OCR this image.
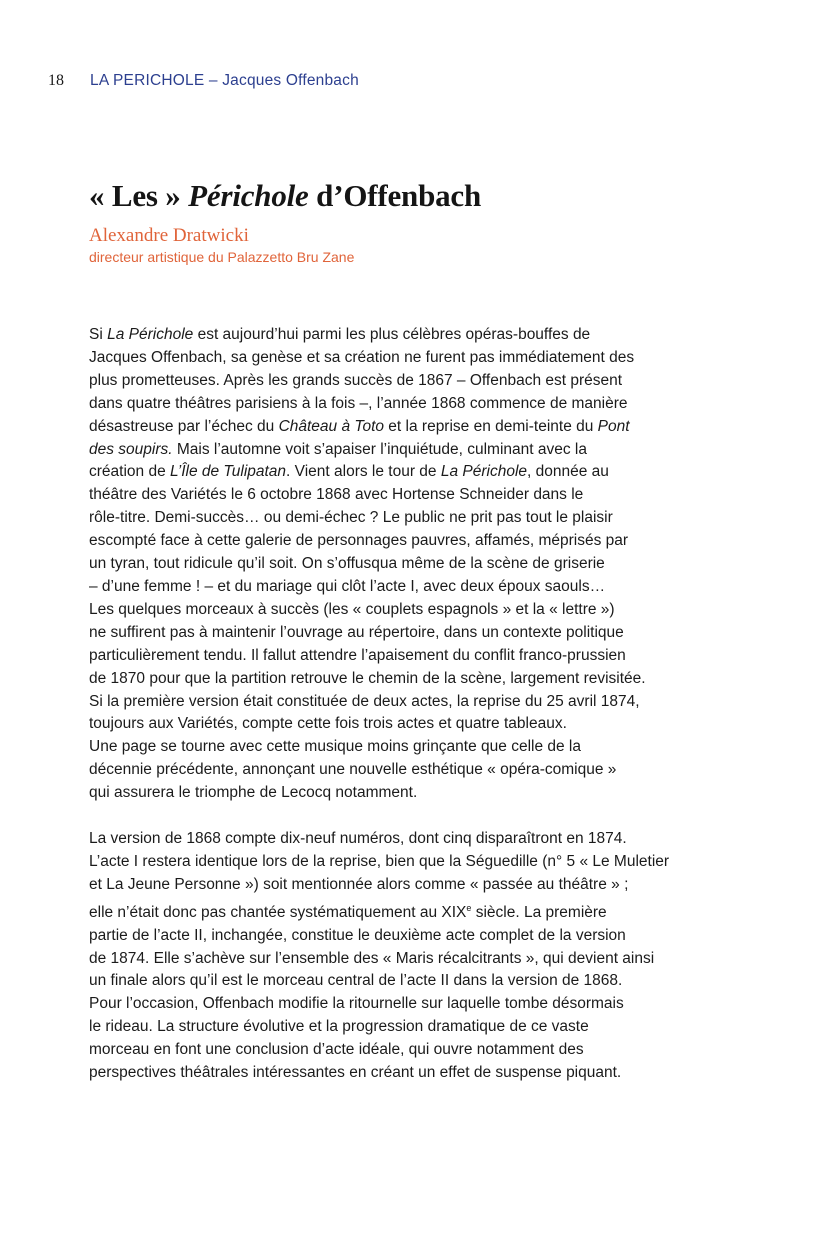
18 LA PERICHOLE – Jacques Offenbach
« Les » Périchole d’Offenbach
Alexandre Dratwicki
directeur artistique du Palazzetto Bru Zane
Si La Périchole est aujourd’hui parmi les plus célèbres opéras-bouffes de
Jacques Offenbach, sa genèse et sa création ne furent pas immédiatement des
plus prometteuses. Après les grands succès de 1867 – Offenbach est présent
dans quatre théâtres parisiens à la fois –, l’année 1868 commence de manière
désastreuse par l’échec du Château à Toto et la reprise en demi-teinte du Pont
des soupirs. Mais l’automne voit s’apaiser l’inquiétude, culminant avec la
création de L’Île de Tulipatan. Vient alors le tour de La Périchole, donnée au
théâtre des Variétés le 6 octobre 1868 avec Hortense Schneider dans le
rôle-titre. Demi-succès… ou demi-échec ? Le public ne prit pas tout le plaisir
escompté face à cette galerie de personnages pauvres, affamés, méprisés par
un tyran, tout ridicule qu’il soit. On s’offusqua même de la scène de griserie
– d’une femme ! – et du mariage qui clôt l’acte I, avec deux époux saouls…
Les quelques morceaux à succès (les « couplets espagnols » et la « lettre »)
ne suffirent pas à maintenir l’ouvrage au répertoire, dans un contexte politique
particulièrement tendu. Il fallut attendre l’apaisement du conflit franco-prussien
de 1870 pour que la partition retrouve le chemin de la scène, largement revisitée.
Si la première version était constituée de deux actes, la reprise du 25 avril 1874,
toujours aux Variétés, compte cette fois trois actes et quatre tableaux.
Une page se tourne avec cette musique moins grinçante que celle de la
décennie précédente, annonçant une nouvelle esthétique « opéra-comique »
qui assurera le triomphe de Lecocq notamment.
La version de 1868 compte dix-neuf numéros, dont cinq disparaîtront en 1874.
L’acte I restera identique lors de la reprise, bien que la Séguedille (n° 5 « Le Muletier
et La Jeune Personne ») soit mentionnée alors comme « passée au théâtre » ;
elle n’était donc pas chantée systématiquement au XIXe siècle. La première
partie de l’acte II, inchangée, constitue le deuxième acte complet de la version
de 1874. Elle s’achève sur l’ensemble des « Maris récalcitrants », qui devient ainsi
un finale alors qu’il est le morceau central de l’acte II dans la version de 1868.
Pour l’occasion, Offenbach modifie la ritournelle sur laquelle tombe désormais
le rideau. La structure évolutive et la progression dramatique de ce vaste
morceau en font une conclusion d’acte idéale, qui ouvre notamment des
perspectives théâtrales intéressantes en créant un effet de suspense piquant.
